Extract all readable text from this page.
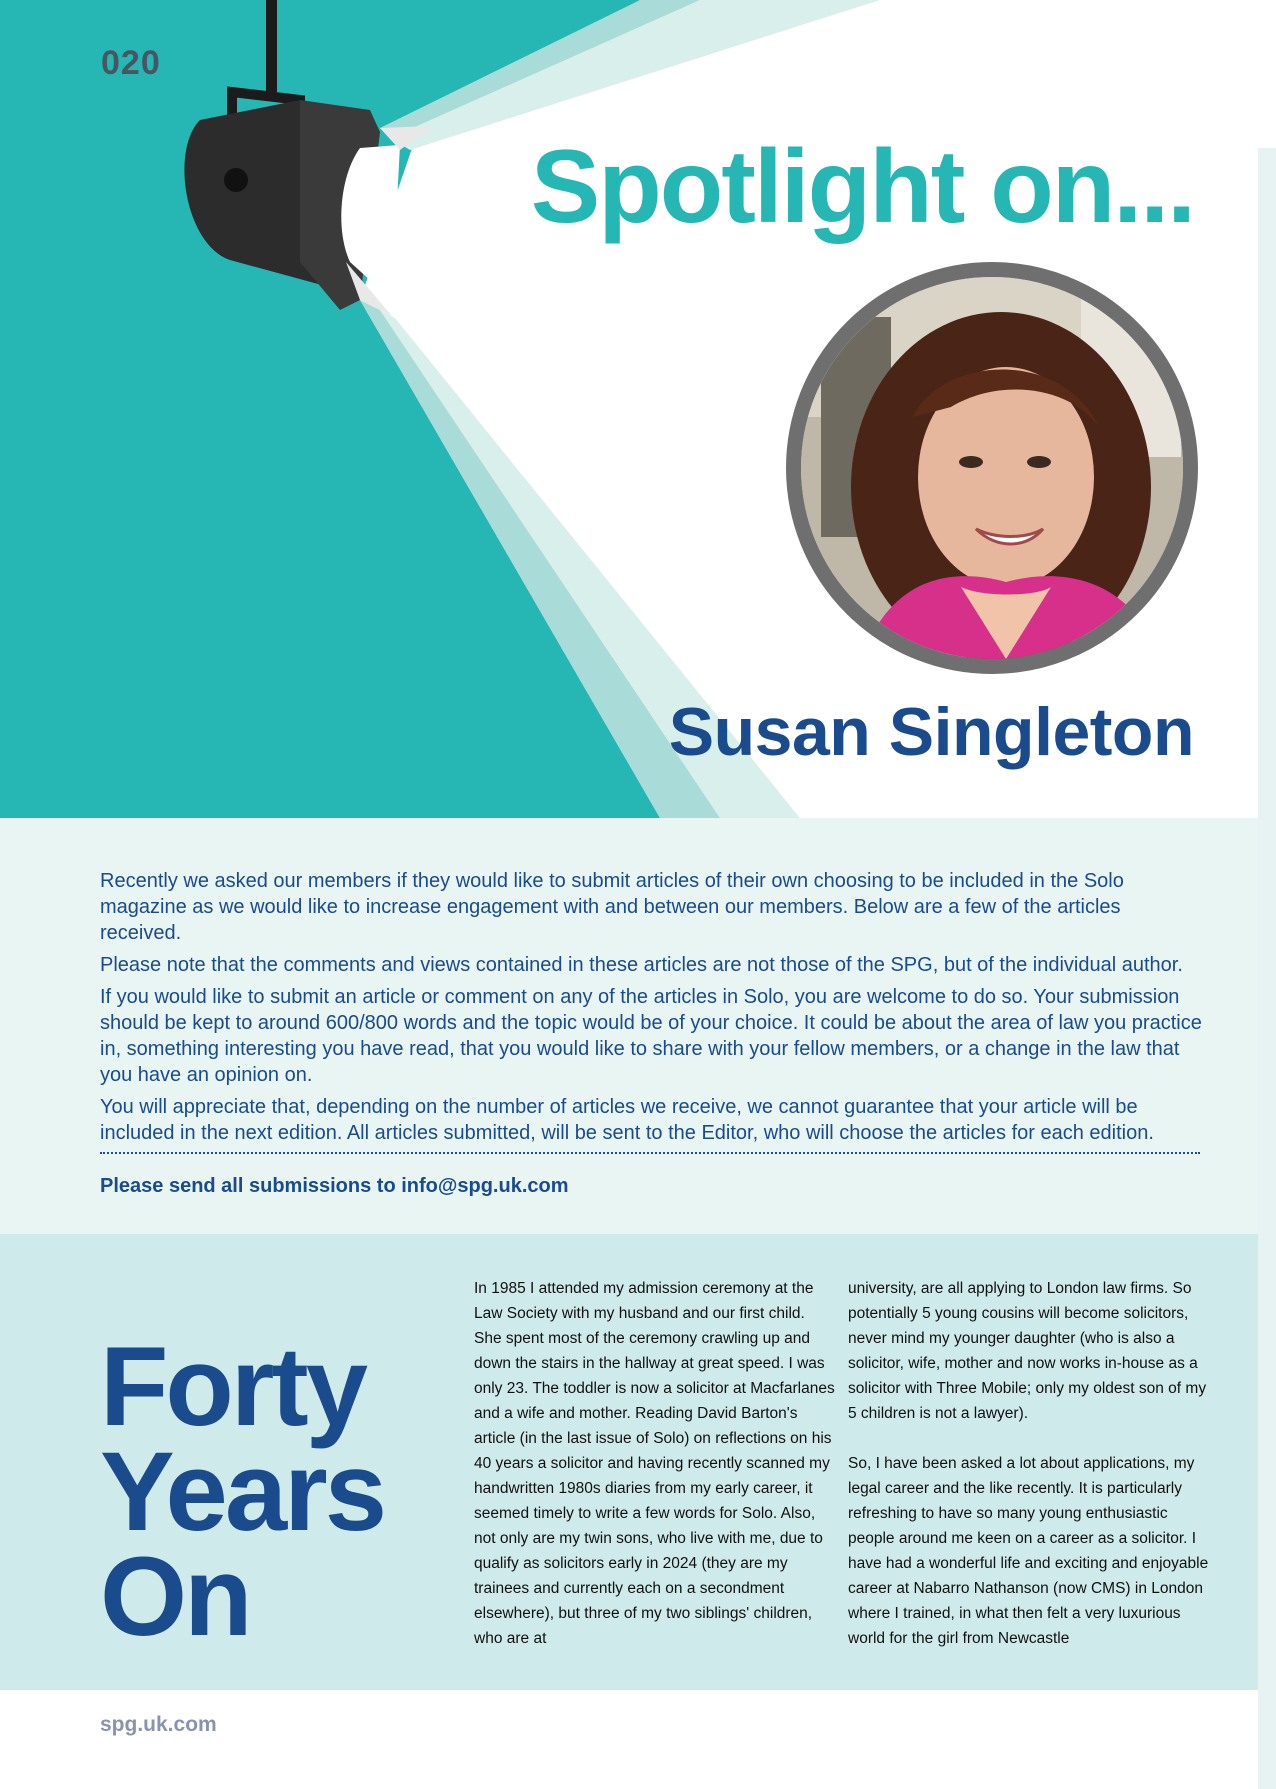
020
Spotlight on...
Susan Singleton

Recently we asked our members if they would like to submit articles of their own choosing to be included in the Solo magazine as we would like to increase engagement with and between our members. Below are a few of the articles received.

Please note that the comments and views contained in these articles are not those of the SPG, but of the individual author.

If you would like to submit an article or comment on any of the articles in Solo, you are welcome to do so. Your submission should be kept to around 600/800 words and the topic would be of your choice. It could be about the area of law you practice in, something interesting you have read, that you would like to share with your fellow members, or a change in the law that you have an opinion on.

You will appreciate that, depending on the number of articles we receive, we cannot guarantee that your article will be included in the next edition. All articles submitted, will be sent to the Editor, who will choose the articles for each edition.

Please send all submissions to info@spg.uk.com
Forty
Years
On

In 1985 I attended my admission ceremony at the Law Society with my husband and our first child. She spent most of the ceremony crawling up and down the stairs in the hallway at great speed. I was only 23. The toddler is now a solicitor at Macfarlanes and a wife and mother. Reading David Barton's article (in the last issue of Solo) on reflections on his 40 years a solicitor and having recently scanned my handwritten 1980s diaries from my early career, it seemed timely to write a few words for Solo. Also, not only are my twin sons, who live with me, due to qualify as solicitors early in 2024 (they are my trainees and currently each on a secondment elsewhere), but three of my two siblings' children, who are at

university, are all applying to London law firms. So potentially 5 young cousins will become solicitors, never mind my younger daughter (who is also a solicitor, wife, mother and now works in-house as a solicitor with Three Mobile; only my oldest son of my 5 children is not a lawyer).

So, I have been asked a lot about applications, my legal career and the like recently. It is particularly refreshing to have so many young enthusiastic people around me keen on a career as a solicitor. I have had a wonderful life and exciting and enjoyable career at Nabarro Nathanson (now CMS) in London where I trained, in what then felt a very luxurious world for the girl from Newcastle

spg.uk.com
